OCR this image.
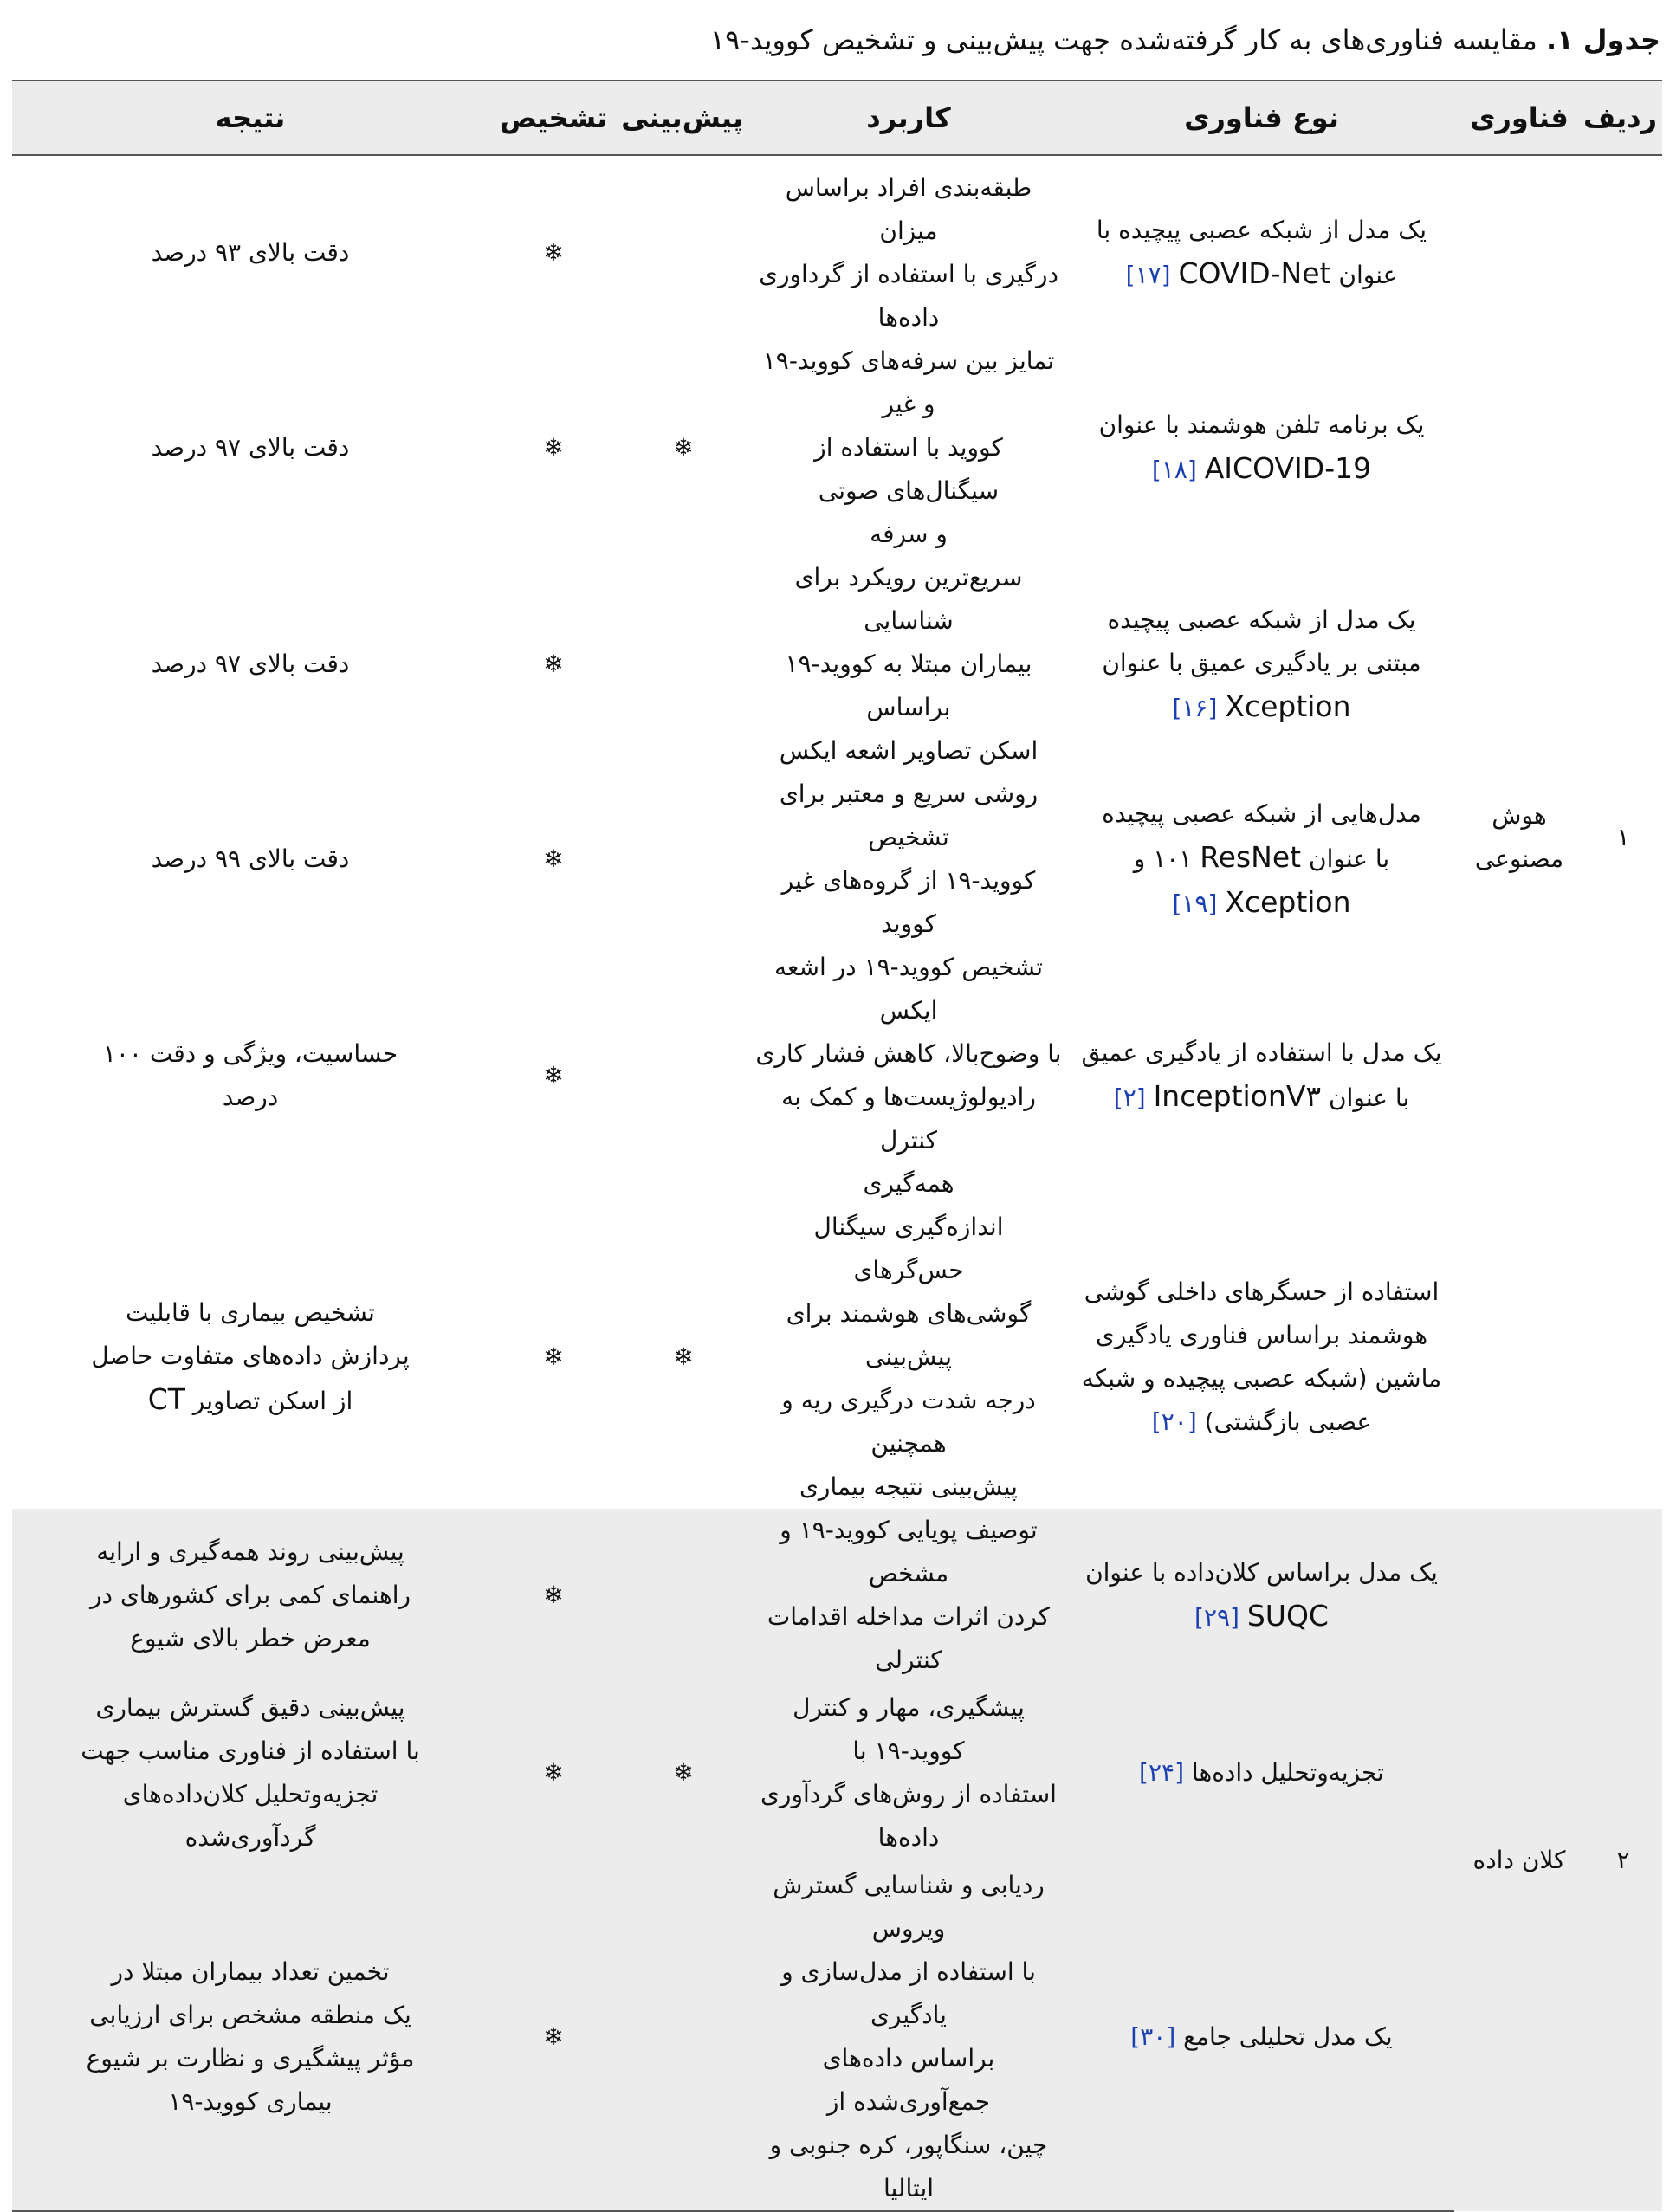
جدول ۱. مقایسه فناوری‌های به کار گرفته‌شده جهت پیش‌بینی و تشخیص کووید-۱۹
ردیف	فناوری	نوع فناوری	کاربرد	پیش‌بینی	تشخیص	نتیجه

۱	هوش
مصنوعی	یک مدل از شبکه عصبی پیچیده با
عنوان COVID-Net [۱۷]	طبقه‌بندی افراد براساس میزان
درگیری با استفاده از گرداوری داده‌ها		❄	دقت بالای ۹۳ درصد

		یک برنامه تلفن هوشمند با عنوان
AICOVID-19 [۱۸]	تمایز بین سرفه‌های کووید-۱۹ و غیر
کووید با استفاده از سیگنال‌های صوتی
و سرفه	❄	❄	دقت بالای ۹۷ درصد

		یک مدل از شبکه عصبی پیچیده
مبتنی بر یادگیری عمیق با عنوان
Xception [۱۶]	سریع‌ترین رویکرد برای شناسایی
بیماران مبتلا به کووید-۱۹ براساس
اسکن تصاویر اشعه ایکس		❄	دقت بالای ۹۷ درصد

		مدل‌هایی از شبکه عصبی پیچیده
با عنوان ResNet ۱۰۱ و
Xception [۱۹]	روشی سریع و معتبر برای تشخیص
کووید-۱۹ از گروه‌های غیر کووید		❄	دقت بالای ۹۹ درصد

		یک مدل با استفاده از یادگیری عمیق
با عنوان InceptionV۳ [۲]	تشخیص کووید-۱۹ در اشعه ایکس
با وضوح‌بالا، کاهش فشار کاری
رادیولوژیست‌ها و کمک به کنترل
همه‌گیری		❄	حساسیت، ویژگی و دقت ۱۰۰
درصد

		استفاده از حسگرهای داخلی گوشی
هوشمند براساس فناوری یادگیری
ماشین (شبکه عصبی پیچیده و شبکه
عصبی بازگشتی) [۲۰]	اندازه‌گیری سیگنال حس‌گرهای
گوشی‌های هوشمند برای پیش‌بینی
درجه شدت درگیری ریه و همچنین
پیش‌بینی نتیجه بیماری	❄	❄	تشخیص بیماری با قابلیت
پردازش داده‌های متفاوت حاصل
از اسکن تصاویر CT

۲	کلان داده	یک مدل براساس کلان‌داده با عنوان
SUQC [۲۹]	توصیف پویایی کووید-۱۹ و مشخص
کردن اثرات مداخله اقدامات کنترلی		❄	پیش‌بینی روند همه‌گیری و ارایه
راهنمای کمی برای کشورهای در
معرض خطر بالای شیوع

		تجزیه‌وتحلیل داده‌ها [۲۴]	پیشگیری، مهار و کنترل کووید-۱۹ با
استفاده از روش‌های گردآوری داده‌ها	❄	❄	پیش‌بینی دقیق گسترش بیماری
با استفاده از فناوری مناسب جهت
تجزیه‌وتحلیل کلان‌داده‌های
گردآوری‌شده

		یک مدل تحلیلی جامع [۳۰]	ردیابی و شناسایی گسترش ویروس
با استفاده از مدل‌سازی و یادگیری
براساس داده‌های جمع‌آوری‌شده از
چین، سنگاپور، کره جنوبی و ایتالیا		❄	تخمین تعداد بیماران مبتلا در
یک منطقه مشخص برای ارزیابی
مؤثر پیشگیری و نظارت بر شیوع
بیماری کووید-۱۹
